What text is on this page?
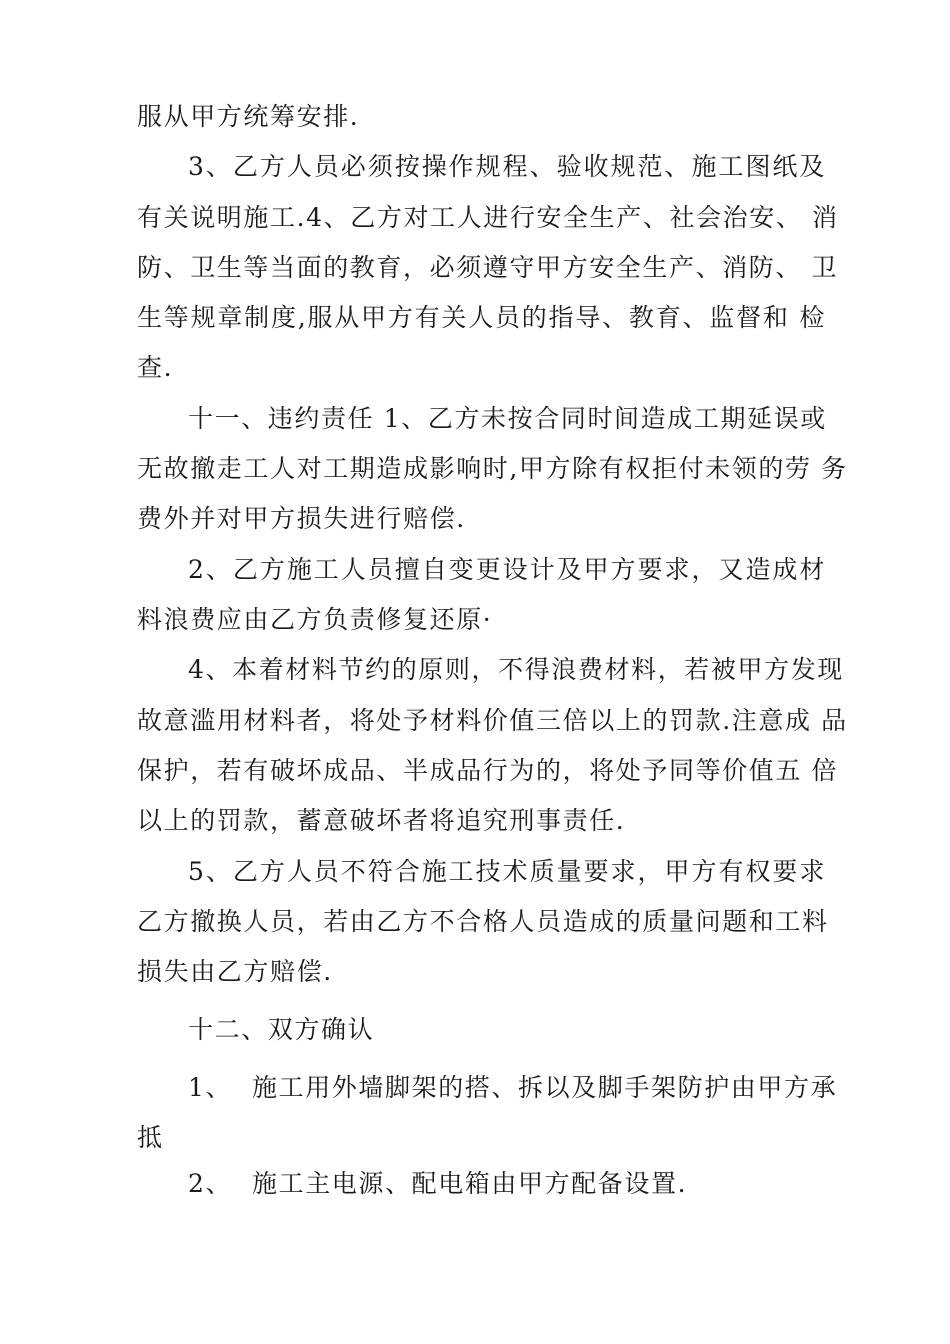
服从甲方统筹安排.
3、乙方人员必须按操作规程、验收规范、施工图纸及
有关说明施工.4、乙方对工人进行安全生产、社会治安、 消
防、卫生等当面的教育，必须遵守甲方安全生产、消防、 卫
生等规章制度,服从甲方有关人员的指导、教育、监督和 检
查.
十一、违约责任 1、乙方未按合同时间造成工期延误或
无故撤走工人对工期造成影响时,甲方除有权拒付未领的劳 务
费外并对甲方损失进行赔偿.
2、乙方施工人员擅自变更设计及甲方要求，又造成材
料浪费应由乙方负责修复还原·
4、本着材料节约的原则，不得浪费材料，若被甲方发现
故意滥用材料者，将处予材料价值三倍以上的罚款.注意成 品
保护，若有破坏成品、半成品行为的，将处予同等价值五 倍
以上的罚款，蓄意破坏者将追究刑事责任.
5、乙方人员不符合施工技术质量要求，甲方有权要求
乙方撤换人员，若由乙方不合格人员造成的质量问题和工料
损失由乙方赔偿.
十二、双方确认
1、 施工用外墙脚架的搭、拆以及脚手架防护由甲方承
抵
2、 施工主电源、配电箱由甲方配备设置.
